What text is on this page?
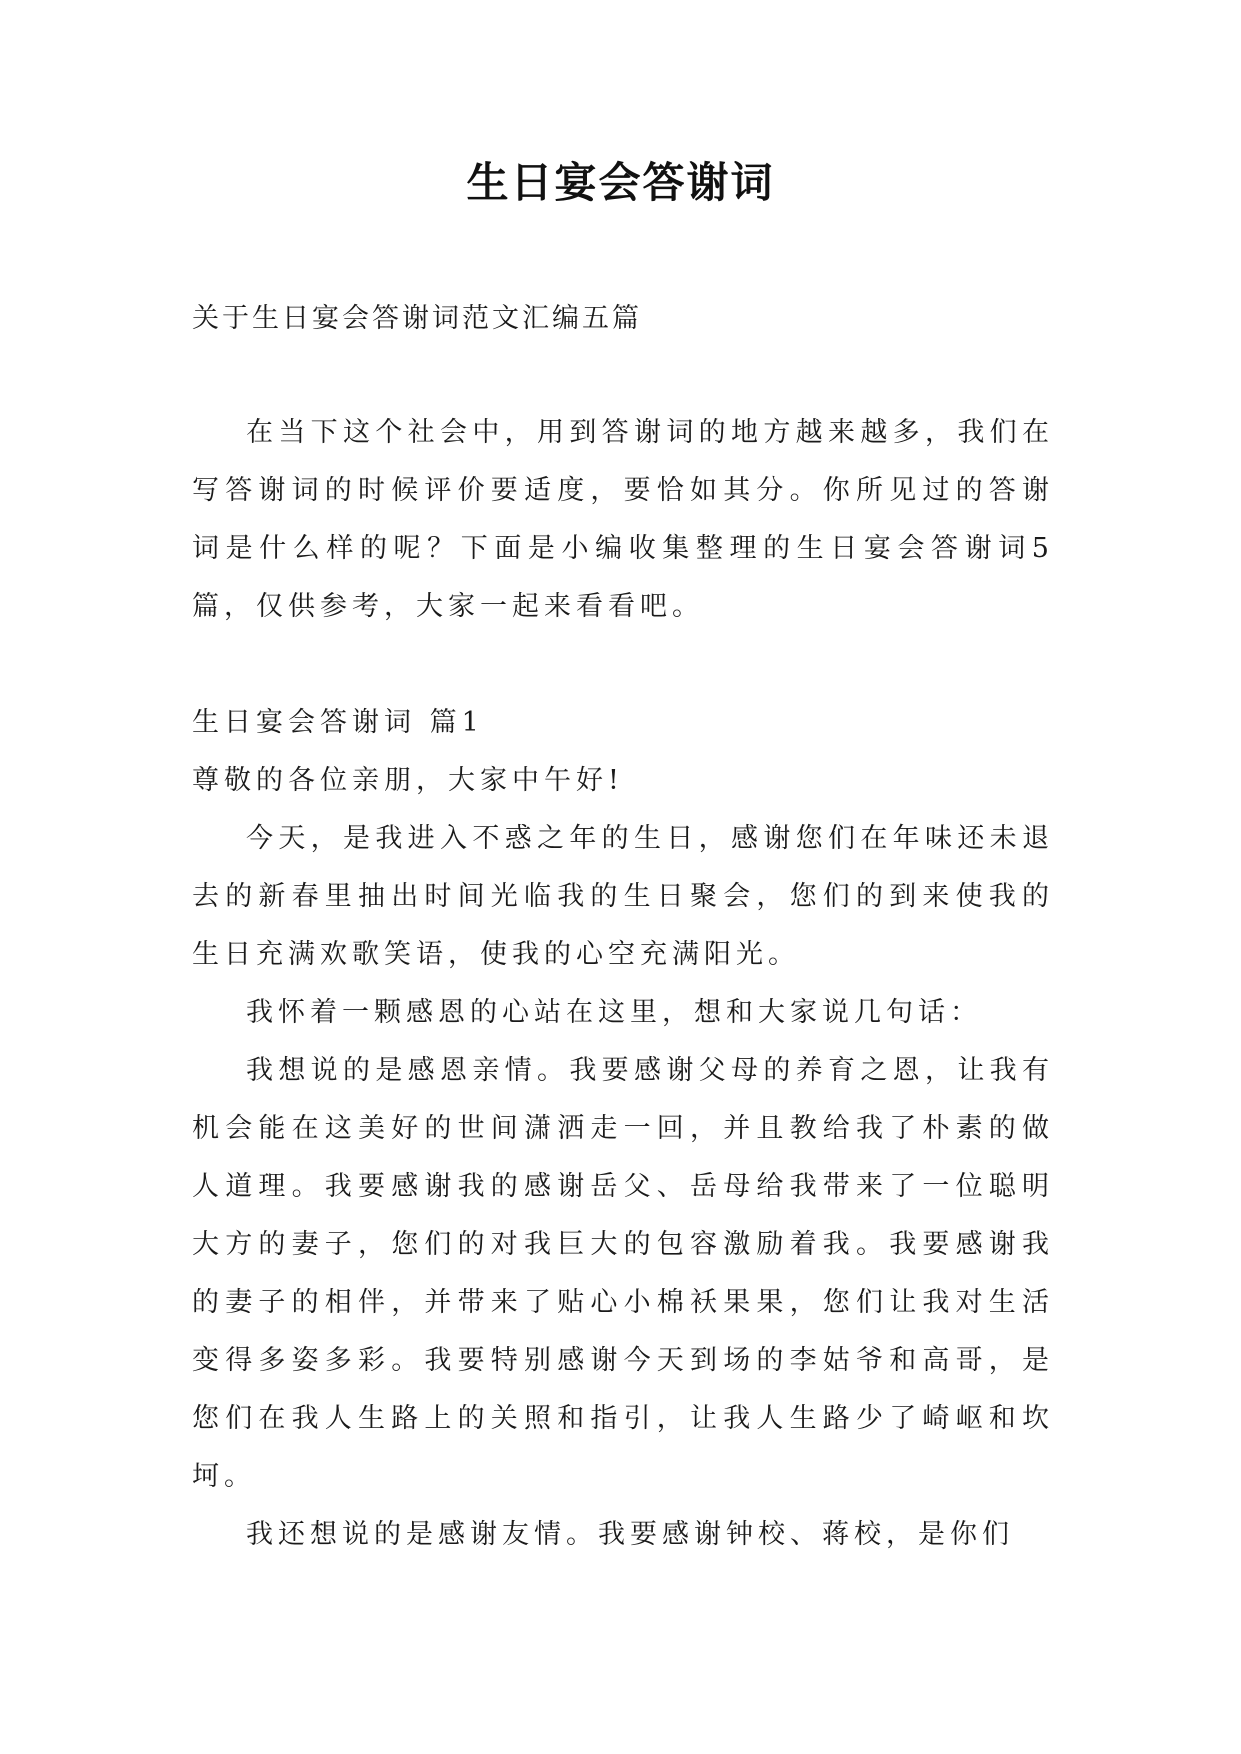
生日宴会答谢词
关于生日宴会答谢词范文汇编五篇

在当下这个社会中，用到答谢词的地方越来越多，我们在写答谢词的时候评价要适度，要恰如其分。你所见过的答谢词是什么样的呢？下面是小编收集整理的生日宴会答谢词5篇，仅供参考，大家一起来看看吧。

生日宴会答谢词 篇1

尊敬的各位亲朋，大家中午好!

今天，是我进入不惑之年的生日，感谢您们在年味还未退去的新春里抽出时间光临我的生日聚会，您们的到来使我的生日充满欢歌笑语，使我的心空充满阳光。

我怀着一颗感恩的心站在这里，想和大家说几句话：

我想说的是感恩亲情。我要感谢父母的养育之恩，让我有机会能在这美好的世间潇洒走一回，并且教给我了朴素的做人道理。我要感谢我的感谢岳父、岳母给我带来了一位聪明大方的妻子，您们的对我巨大的包容激励着我。我要感谢我的妻子的相伴，并带来了贴心小棉袄果果，您们让我对生活变得多姿多彩。我要特别感谢今天到场的李姑爷和高哥，是您们在我人生路上的关照和指引，让我人生路少了崎岖和坎坷。

我还想说的是感谢友情。我要感谢钟校、蒋校，是你们
